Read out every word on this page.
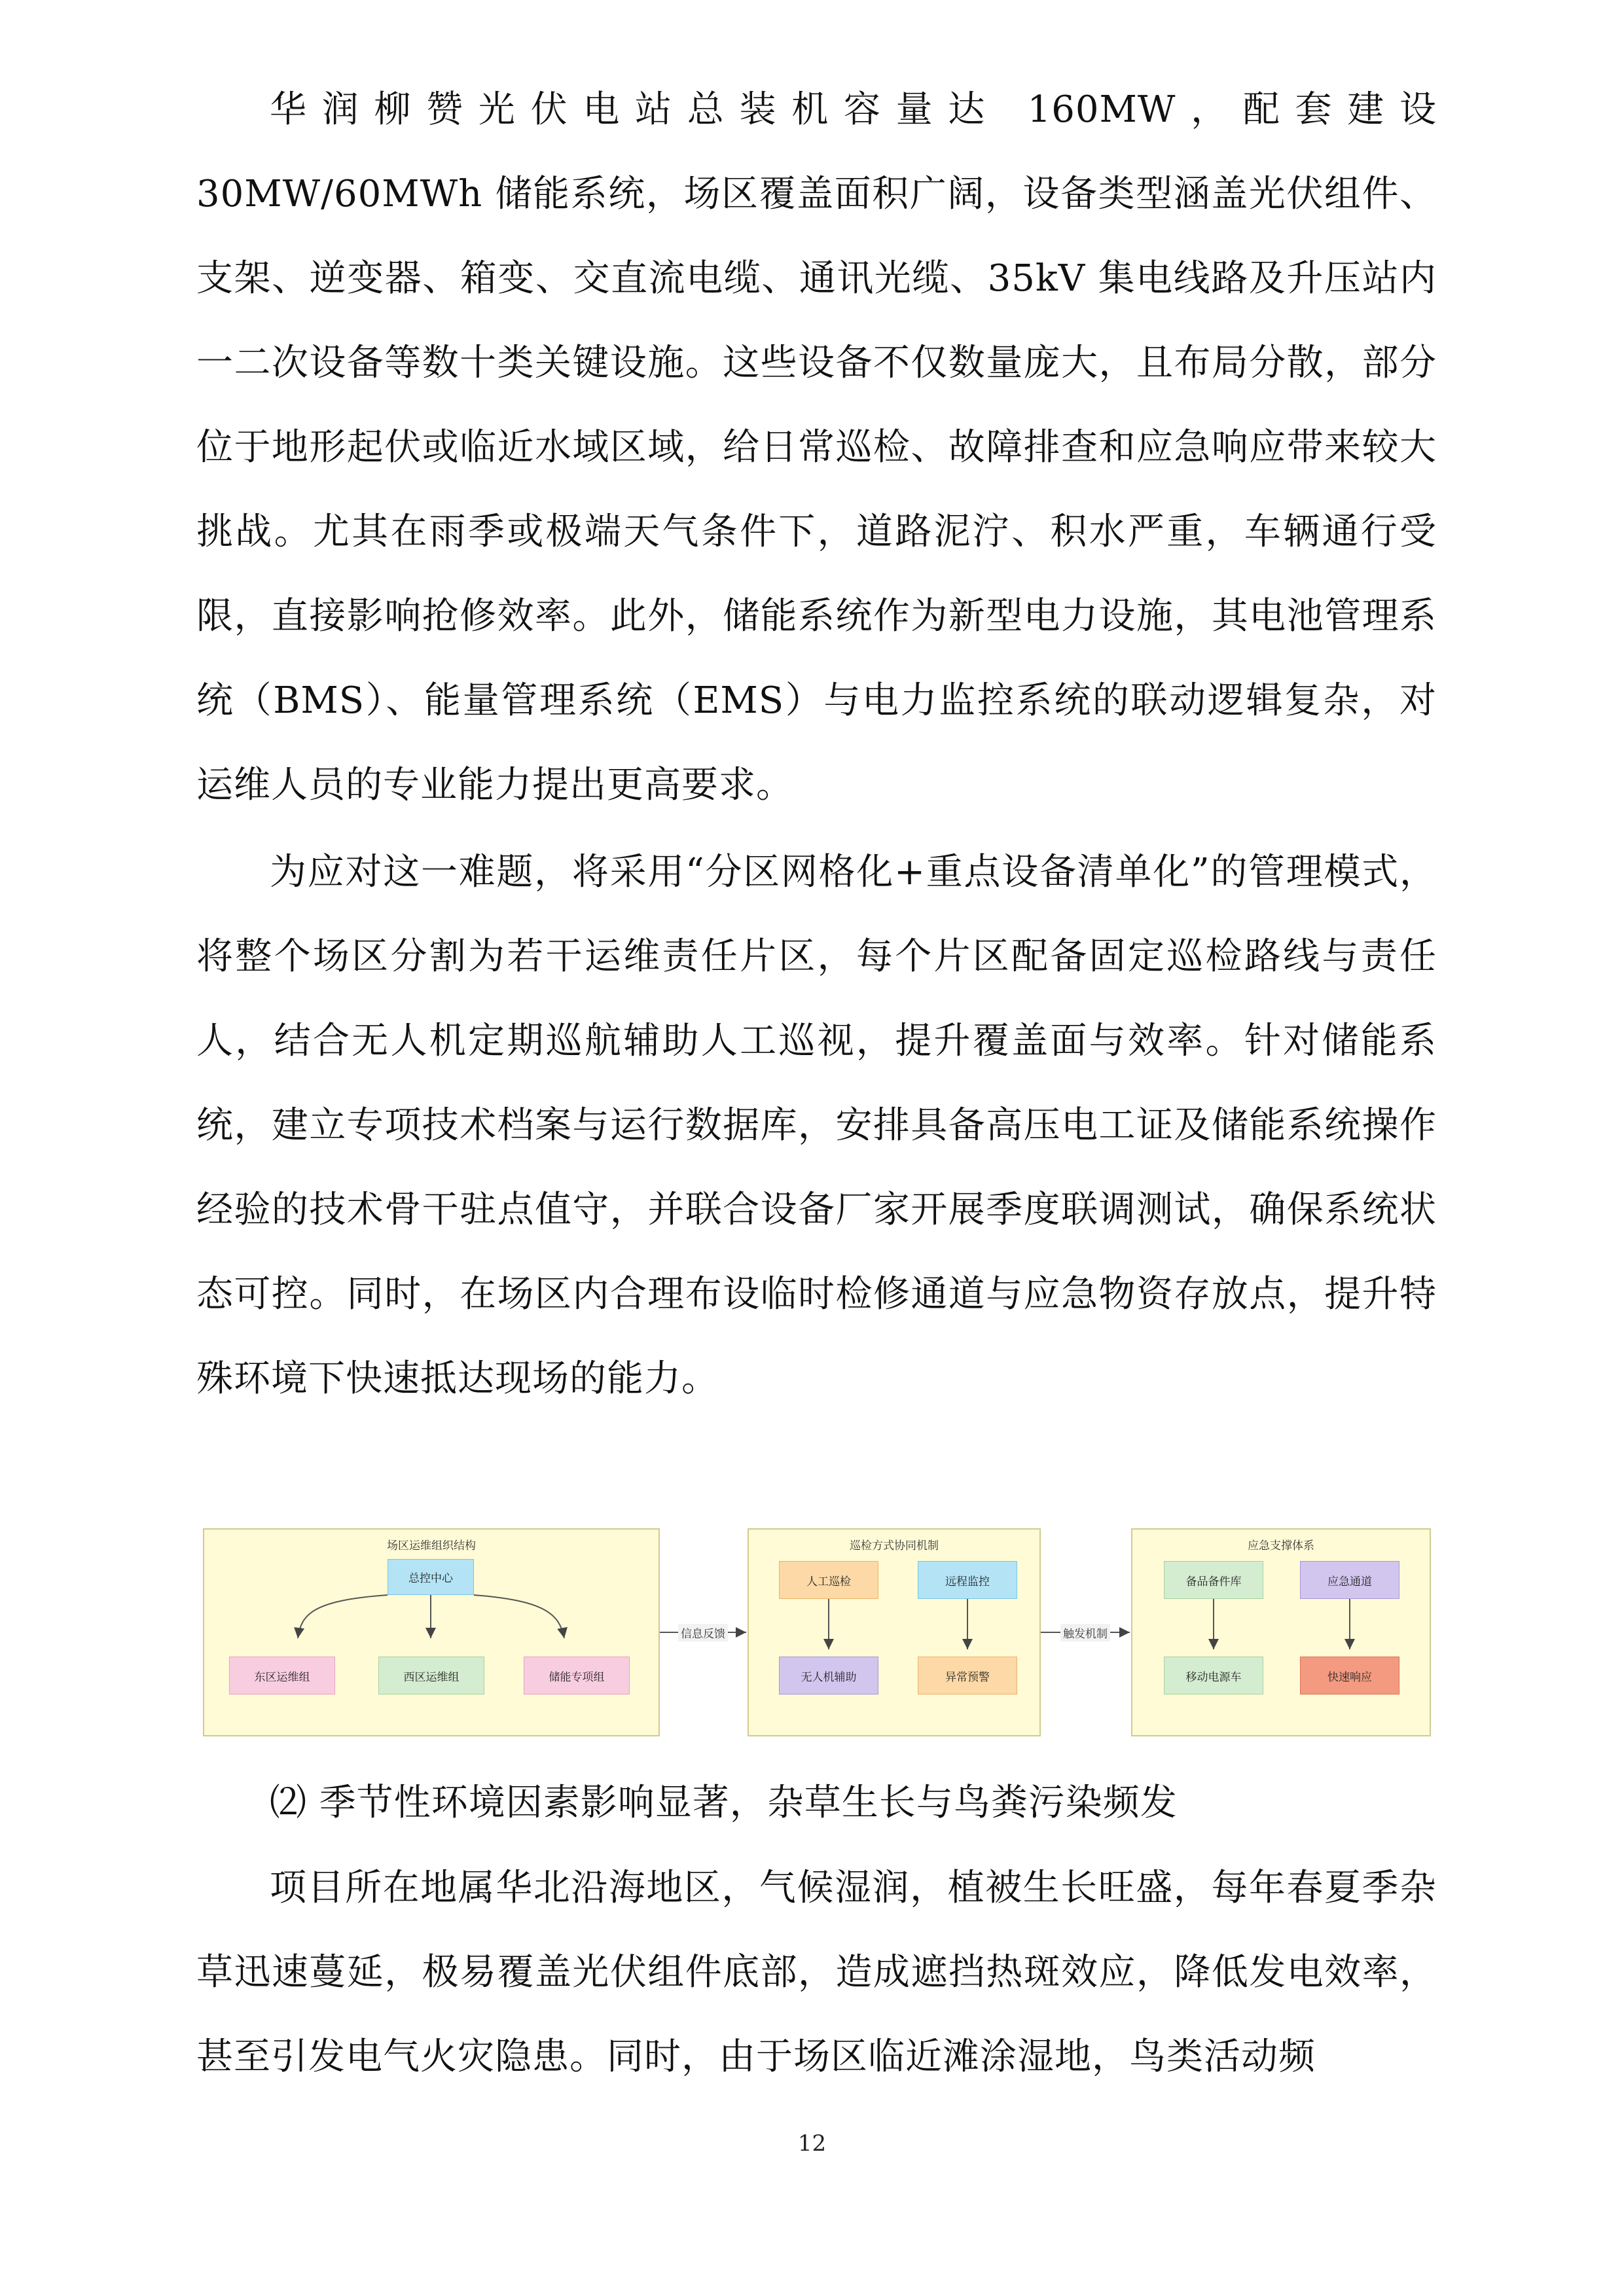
华润柳赞光伏电站总装机容量达 160MW，配套建设 30MW/60MWh 储能系统，场区覆盖面积广阔，设备类型涵盖光伏组件、支架、逆变器、箱变、交直流电缆、通讯光缆、35kV 集电线路及升压站内一二次设备等数十类关键设施。这些设备不仅数量庞大，且布局分散，部分位于地形起伏或临近水域区域，给日常巡检、故障排查和应急响应带来较大挑战。尤其在雨季或极端天气条件下，道路泥泞、积水严重，车辆通行受限，直接影响抢修效率。此外，储能系统作为新型电力设施，其电池管理系统（BMS）、能量管理系统（EMS）与电力监控系统的联动逻辑复杂，对运维人员的专业能力提出更高要求。

为应对这一难题，将采用“分区网格化+重点设备清单化”的管理模式，将整个场区分割为若干运维责任片区，每个片区配备固定巡检路线与责任人，结合无人机定期巡航辅助人工巡视，提升覆盖面与效率。针对储能系统，建立专项技术档案与运行数据库，安排具备高压电工证及储能系统操作经验的技术骨干驻点值守，并联合设备厂家开展季度联调测试，确保系统状态可控。同时，在场区内合理布设临时检修通道与应急物资存放点，提升特殊环境下快速抵达现场的能力。

场区运维组织结构	巡检方式协同机制	应急支撑体系
总控中心
东区运维组	西区运维组	储能专项组
人工巡检	远程监控
无人机辅助	异常预警
备品备件库	应急通道
移动电源车	快速响应
信息反馈	触发机制

⑵ 季节性环境因素影响显著，杂草生长与鸟粪污染频发

项目所在地属华北沿海地区，气候湿润，植被生长旺盛，每年春夏季杂草迅速蔓延，极易覆盖光伏组件底部，造成遮挡热斑效应，降低发电效率，甚至引发电气火灾隐患。同时，由于场区临近滩涂湿地，鸟类活动频

12
